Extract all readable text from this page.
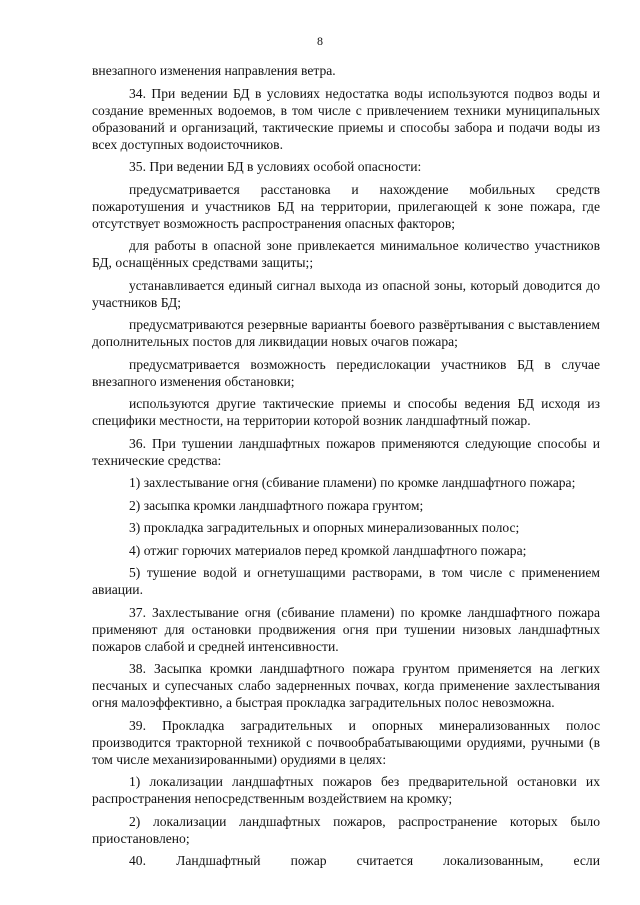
8

внезапного изменения направления ветра.

34. При ведении БД в условиях недостатка воды используются подвоз воды и создание временных водоемов, в том числе с привлечением техники муниципальных образований и организаций, тактические приемы и способы забора и подачи воды из всех доступных водоисточников.

35. При ведении БД в условиях особой опасности:

предусматривается расстановка и нахождение мобильных средств пожаротушения и участников БД на территории, прилегающей к зоне пожара, где отсутствует возможность распространения опасных факторов;

для работы в опасной зоне привлекается минимальное количество участников БД, оснащённых средствами защиты;;

устанавливается единый сигнал выхода из опасной зоны, который доводится до участников БД;

предусматриваются резервные варианты боевого развёртывания с выставлением дополнительных постов для ликвидации новых очагов пожара;

предусматривается возможность передислокации участников БД в случае внезапного изменения обстановки;

используются другие тактические приемы и способы ведения БД исходя из специфики местности, на территории которой возник ландшафтный пожар.

36. При тушении ландшафтных пожаров применяются следующие способы и технические средства:

1) захлестывание огня (сбивание пламени) по кромке ландшафтного пожара;

2) засыпка кромки ландшафтного пожара грунтом;

3) прокладка заградительных и опорных минерализованных полос;

4) отжиг горючих материалов перед кромкой ландшафтного пожара;

5) тушение водой и огнетушащими растворами, в том числе с применением авиации.

37. Захлестывание огня (сбивание пламени) по кромке ландшафтного пожара применяют для остановки продвижения огня при тушении низовых ландшафтных пожаров слабой и средней интенсивности.

38. Засыпка кромки ландшафтного пожара грунтом применяется на легких песчаных и супесчаных слабо задерненных почвах, когда применение захлестывания огня малоэффективно, а быстрая прокладка заградительных полос невозможна.

39. Прокладка заградительных и опорных минерализованных полос производится тракторной техникой с почвообрабатывающими орудиями, ручными (в том числе механизированными) орудиями в целях:

1) локализации ландшафтных пожаров без предварительной остановки их распространения непосредственным воздействием на кромку;

2) локализации ландшафтных пожаров, распространение которых было приостановлено;

40. Ландшафтный пожар считается локализованным, если
